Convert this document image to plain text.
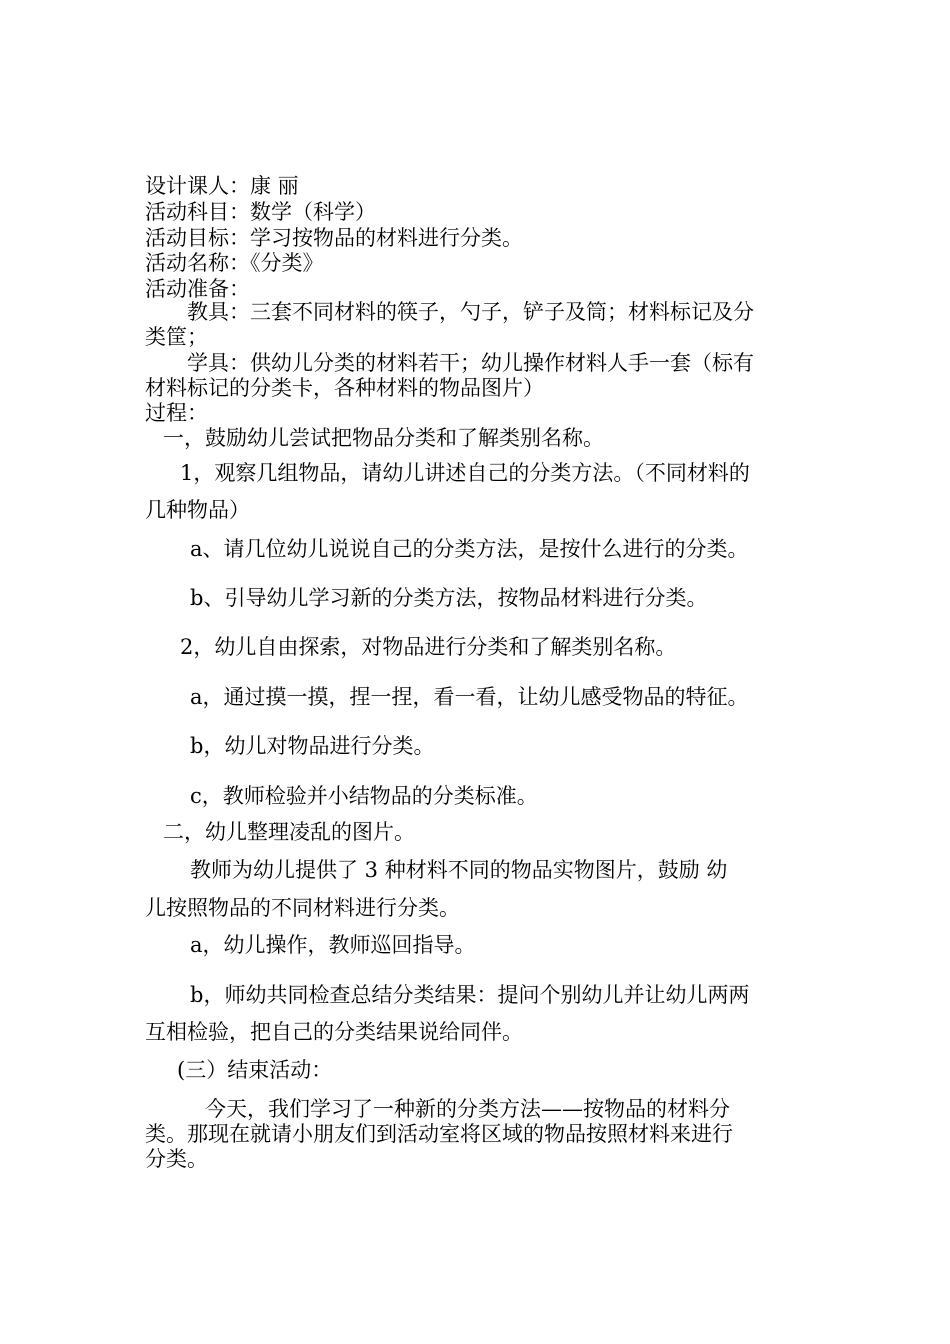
设计课人：康 丽

活动科目：数学（科学）

活动目标：学习按物品的材料进行分类。

活动名称：《分类》

活动准备：

教具：三套不同材料的筷子，勺子，铲子及筒；材料标记及分

类筐；

学具：供幼儿分类的材料若干；幼儿操作材料人手一套（标有

材料标记的分类卡，各种材料的物品图片）

过程：

一，鼓励幼儿尝试把物品分类和了解类别名称。

1，观察几组物品，请幼儿讲述自己的分类方法。（不同材料的

几种物品）

a、请几位幼儿说说自己的分类方法，是按什么进行的分类。

b、引导幼儿学习新的分类方法，按物品材料进行分类。

2，幼儿自由探索，对物品进行分类和了解类别名称。

a，通过摸一摸，捏一捏，看一看，让幼儿感受物品的特征。

b，幼儿对物品进行分类。

c，教师检验并小结物品的分类标准。

二，幼儿整理凌乱的图片。

教师为幼儿提供了 3 种材料不同的物品实物图片，鼓励 幼

儿按照物品的不同材料进行分类。

a，幼儿操作，教师巡回指导。

b，师幼共同检查总结分类结果：提问个别幼儿并让幼儿两两

互相检验，把自己的分类结果说给同伴。

(三）结束活动：

今天，我们学习了一种新的分类方法——按物品的材料分

类。那现在就请小朋友们到活动室将区域的物品按照材料来进行

分类。
